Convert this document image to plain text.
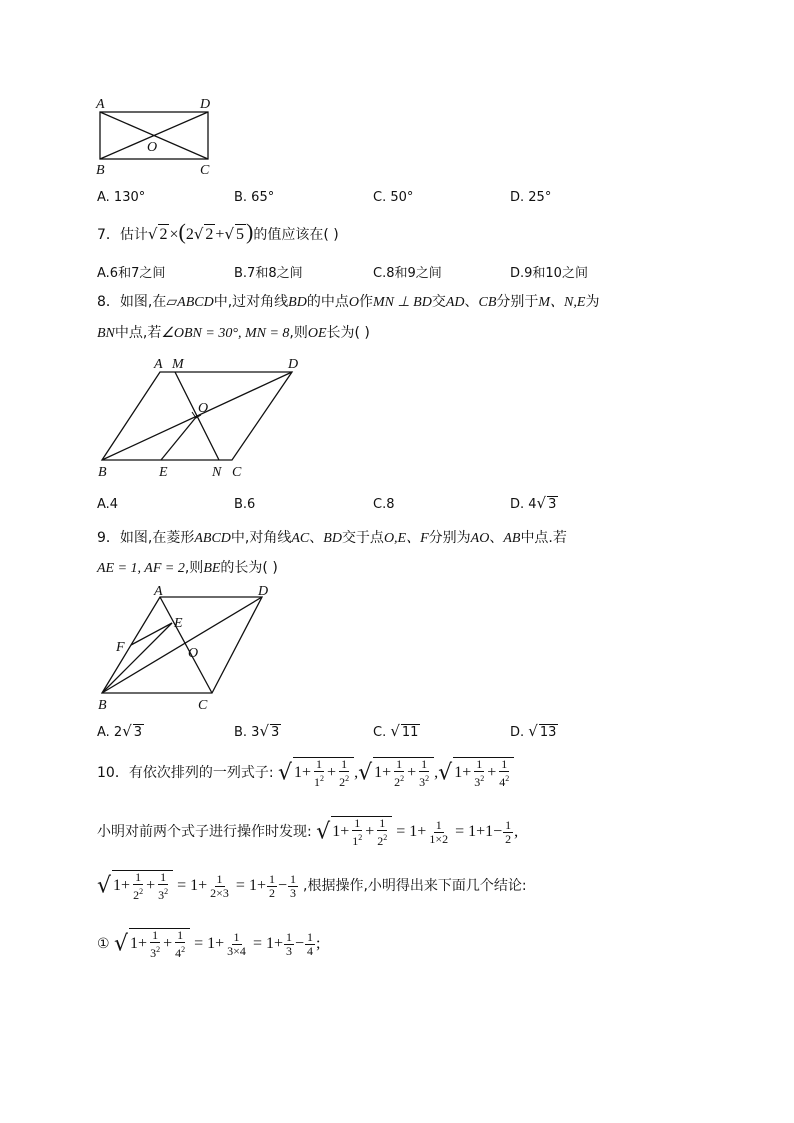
A	D
O
B	C
A. 130°	B. 65°	C. 50°	D. 25°
7．估计√ 2 ×(2√ 2 +√ 5)的值应该在( )
A.6和7之间	B.7和8之间	C.8和9之间	D.9和10之间
8．如图,在▱ABCD中,过对角线BD的中点O作MN ⊥ BD交AD、CB分别于M、N,E为
BN中点,若∠OBN = 30°, MN = 8,则OE长为( )
A M	D
O
B	E	N C
A.4	B.6	C.8	D. 4√ 3
9．如图,在菱形ABCD中,对角线AC、BD交于点O,E、F分别为AO、AB中点.若
AE = 1, AF = 2,则BE的长为( )
A	D
E
F	O
B	C
A. 2√ 3	B. 3√ 3	C. √ 11	D. √ 13
10．有依次排列的一列式子: √ $1+ \frac{1}{1^2} + \frac{1}{2^2}$ ,√ $1+ \frac{1}{2^2} + \frac{1}{3^2}$ ,√ $1+ \frac{1}{3^2} + \frac{1}{4^2}$
小明对前两个式子进行操作时发现: √ $1+ \frac{1}{1^2} + \frac{1}{2^2} = 1+ \frac{1}{1\times 2} = 1+1- \frac{1}{2}$ ,
√ $1+ \frac{1}{2^2} + \frac{1}{3^2} = 1+ \frac{1}{2\times 3} = 1+ \frac{1}{2} - \frac{1}{3}$ ,根据操作,小明得出来下面几个结论:
① √ $1+ \frac{1}{3^2} + \frac{1}{4^2} = 1+ \frac{1}{3\times 4} = 1+ \frac{1}{3} - \frac{1}{4}$ ;
